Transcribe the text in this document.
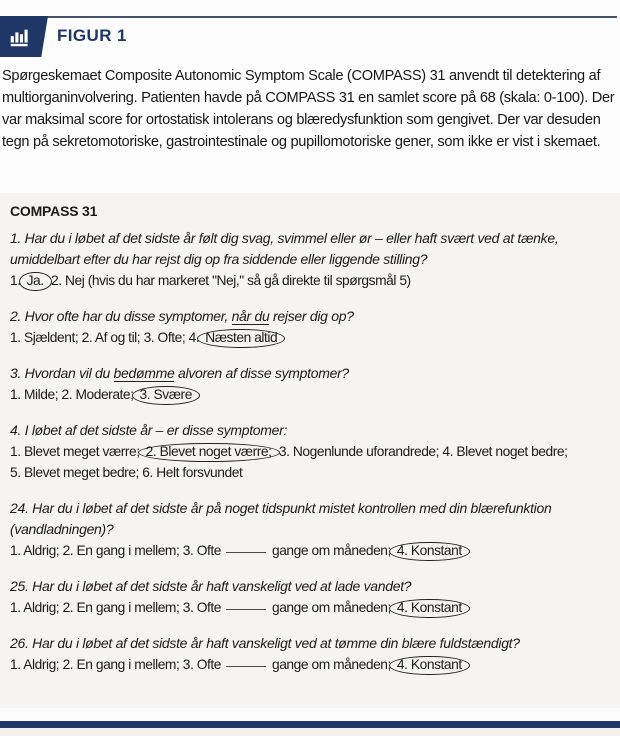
FIGUR 1

Spørgeskemaet Composite Autonomic Symptom Scale (COMPASS) 31 anvendt til detektering af multiorganinvolvering. Patienten havde på COMPASS 31 en samlet score på 68 (skala: 0-100). Der var maksimal score for ortostatisk intolerans og blæredysfunktion som gengivet. Der var desuden tegn på sekretomotoriske, gastrointestinale og pupillomotoriske gener, som ikke er vist i skemaet.

COMPASS 31

1. Har du i løbet af det sidste år følt dig svag, svimmel eller ør – eller haft svært ved at tænke, umiddelbart efter du har rejst dig op fra siddende eller liggende stilling?

1. Ja. 2. Nej (hvis du har markeret "Nej," så gå direkte til spørgsmål 5)

2. Hvor ofte har du disse symptomer, når du rejser dig op?

1. Sjældent; 2. Af og til; 3. Ofte; 4. Næsten altid

3. Hvordan vil du bedømme alvoren af disse symptomer?

1. Milde; 2. Moderate; 3. Svære

4. I løbet af det sidste år – er disse symptomer:

1. Blevet meget værre; 2. Blevet noget værre; 3. Nogenlunde uforandrede; 4. Blevet noget bedre;

5. Blevet meget bedre; 6. Helt forsvundet

24. Har du i løbet af det sidste år på noget tidspunkt mistet kontrollen med din blærefunktion (vandladningen)?

1. Aldrig; 2. En gang i mellem; 3. Ofte	gange om måneden; 4. Konstant

25. Har du i løbet af det sidste år haft vanskeligt ved at lade vandet?

1. Aldrig; 2. En gang i mellem; 3. Ofte	gange om måneden; 4. Konstant

26. Har du i løbet af det sidste år haft vanskeligt ved at tømme din blære fuldstændigt?

1. Aldrig; 2. En gang i mellem; 3. Ofte	gange om måneden; 4. Konstant
